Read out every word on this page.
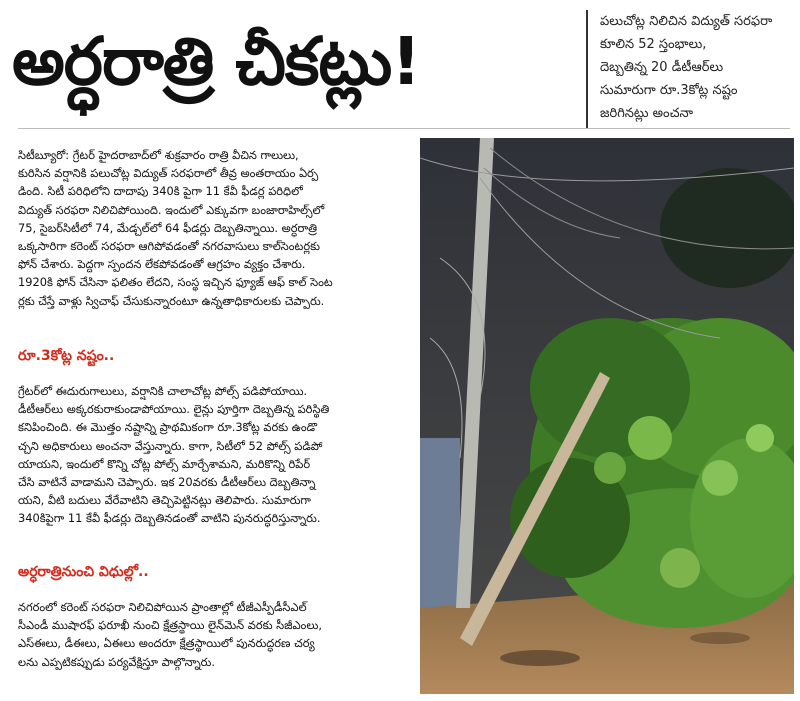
అర్ధరాత్రి చీకట్లు!
పలుచోట్ల నిలిచిన విద్యుత్ సరఫరా
కూలిన 52 స్తంభాలు,
దెబ్బతిన్న 20 డీటీఆర్‌లు
సుమారుగా రూ.3కోట్ల నష్టం
జరిగినట్లు అంచనా
సిటీబ్యూరో: గ్రేటర్ హైదరాబాద్‌లో శుక్రవారం రాత్రి వీచిన గాలులు,
కురిసిన వర్షానికి పలుచోట్ల విద్యుత్ సరఫరాలో తీవ్ర అంతరాయం ఏర్ప
డింది. సిటీ పరిధిలోని దాదాపు 340కి పైగా 11 కేవీ ఫీడర్ల పరిధిలో
విద్యుత్ సరఫరా నిలిచిపోయింది. ఇందులో ఎక్కువగా బంజారాహిల్స్‌లో
75, సైబర్‌సిటీలో 74, మేడ్చల్‌లో 64 ఫీడర్లు దెబ్బతిన్నాయి. అర్ధరాత్రి
ఒక్కసారిగా కరెంట్ సరఫరా ఆగిపోవడంతో నగరవాసులు కాల్‌సెంటర్లకు
ఫోన్ చేశారు. పెద్దగా స్పందన లేకపోవడంతో ఆగ్రహం వ్యక్తం చేశారు.
1920కి ఫోన్ చేసినా ఫలితం లేదని, సంస్థ ఇచ్చిన ఫ్యూజ్ ఆఫ్ కాల్ సెంట
ర్లకు చేస్తే వాళ్లు స్విచాఫ్ చేసుకున్నారంటూ ఉన్నతాధికారులకు చెప్పారు.
రూ.3కోట్ల నష్టం..
గ్రేటర్‌లో ఈదురుగాలులు, వర్షానికి చాలాచోట్ల పోల్స్ పడిపోయాయి.
డీటీఆర్‌లు అక్కరకురాకుండాపోయాయి. లైన్లు పూర్తిగా దెబ్బతిన్న పరిస్థితి
కనిపించింది. ఈ మొత్తం నష్టాన్ని ప్రాథమికంగా రూ.3కోట్ల వరకు ఉండొ
చ్చని అధికారులు అంచనా వేస్తున్నారు. కాగా, సిటీలో 52 పోల్స్ పడిపో
యాయని, ఇందులో కొన్ని చోట్ల పోల్స్ మార్చేశామని, మరికొన్ని రిపేర్
చేసి వాటినే వాడామని చెప్పారు. ఇక 20వరకు డీటీఆర్‌లు దెబ్బతిన్నా
యని, వీటి బదులు వేరేవాటిని తెచ్చిపెట్టినట్లు తెలిపారు. సుమారుగా
340కిపైగా 11 కేవీ ఫీడర్లు దెబ్బతినడంతో వాటిని పునరుద్ధరిస్తున్నారు.
అర్ధరాత్రినుంచి విధుల్లో..
నగరంలో కరెంట్ సరఫరా నిలిచిపోయిన ప్రాంతాల్లో టీజీఎస్పీడీసీఎల్
సీఎండీ ముషారఫ్ ఫరూఖీ నుంచి క్షేత్రస్థాయి లైన్‌మెన్ వరకు సీజీఎంలు,
ఎస్ఈలు, డీఈలు, ఏఈలు అందరూ క్షేత్రస్థాయిలో పునరుద్ధరణ చర్య
లను ఎప్పటికప్పుడు పర్యవేక్షిస్తూ పాల్గొన్నారు.
